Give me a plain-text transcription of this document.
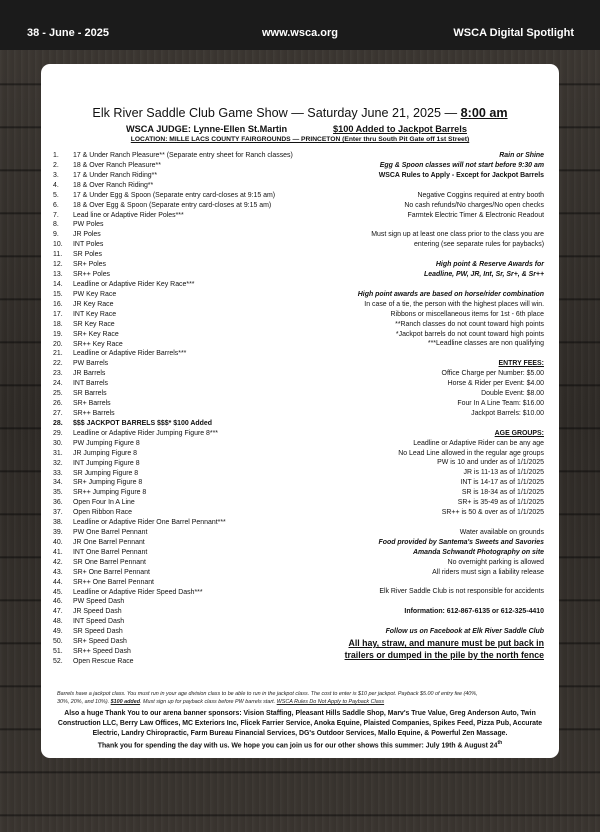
38 - June - 2025	www.wsca.org	WSCA Digital Spotlight
Elk River Saddle Club Game Show — Saturday June 21, 2025 — 8:00 am
WSCA JUDGE: Lynne-Ellen St.Martin	$100 Added to Jackpot Barrels
LOCATION: MILLE LACS COUNTY FAIRGROUNDS — PRINCETON (Enter thru South Pit Gate off 1st Street)
1. 17 & Under Ranch Pleasure** (Separate entry sheet for Ranch classes)
2. 18 & Over Ranch Pleasure**
3. 17 & Under Ranch Riding**
4. 18 & Over Ranch Riding**
5. 17 & Under Egg & Spoon (Separate entry card-closes at 9:15 am)
6. 18 & Over Egg & Spoon (Separate entry card-closes at 9:15 am)
7. Lead line or Adaptive Rider Poles***
8. PW Poles
9. JR Poles
10. INT Poles
11. SR Poles
12. SR+ Poles
13. SR++ Poles
14. Leadline or Adaptive Rider Key Race***
15. PW Key Race
16. JR Key Race
17. INT Key Race
18. SR Key Race
19. SR+ Key Race
20. SR++ Key Race
21. Leadline or Adaptive Rider Barrels***
22. PW Barrels
23. JR Barrels
24. INT Barrels
25. SR Barrels
26. SR+ Barrels
27. SR++ Barrels
28. $$$ JACKPOT BARRELS $$$* $100 Added
29. Leadline or Adaptive Rider Jumping Figure 8***
30. PW Jumping Figure 8
31. JR Jumping Figure 8
32. INT Jumping Figure 8
33. SR Jumping Figure 8
34. SR+ Jumping Figure 8
35. SR++ Jumping Figure 8
36. Open Four In A Line
37. Open Ribbon Race
38. Leadline or Adaptive Rider One Barrel Pennant***
39. PW One Barrel Pennant
40. JR One Barrel Pennant
41. INT One Barrel Pennant
42. SR One Barrel Pennant
43. SR+ One Barrel Pennant
44. SR++ One Barrel Pennant
45. Leadline or Adaptive Rider Speed Dash***
46. PW Speed Dash
47. JR Speed Dash
48. INT Speed Dash
49. SR Speed Dash
50. SR+ Speed Dash
51. SR++ Speed Dash
52. Open Rescue Race
Rain or Shine
Egg & Spoon classes will not start before 9:30 am
WSCA Rules to Apply - Except for Jackpot Barrels
Negative Coggins required at entry booth
No cash refunds/No charges/No open checks
Farmtek Electric Timer & Electronic Readout
Must sign up at least one class prior to the class you are
entering (see separate rules for paybacks)
High point & Reserve Awards for
Leadline, PW, JR, Int, Sr, Sr+, & Sr++
High point awards are based on horse/rider combination
In case of a tie, the person with the highest places will win.
Ribbons or miscellaneous items for 1st - 6th place
**Ranch classes do not count toward high points
*Jackpot barrels do not count toward high points
***Leadline classes are non qualifying
ENTRY FEES:
Office Charge per Number: $5.00
Horse & Rider per Event: $4.00
Double Event: $8.00
Four In A Line Team: $16.00
Jackpot Barrels: $10.00
AGE GROUPS:
Leadline or Adaptive Rider can be any age
No Lead Line allowed in the regular age groups
PW is 10 and under as of 1/1/2025
JR is 11-13 as of 1/1/2025
INT is 14-17 as of 1/1/2025
SR is 18-34 as of 1/1/2025
SR+ is 35-49 as of 1/1/2025
SR++ is 50 & over as of 1/1/2025
Water available on grounds
Food provided by Santema's Sweets and Savories
Amanda Schwandt Photography on site
No overnight parking is allowed
All riders must sign a liability release
Elk River Saddle Club is not responsible for accidents
Information: 612-867-6135 or 612-325-4410
Follow us on Facebook at Elk River Saddle Club
All hay, straw, and manure must be put back in
trailers or dumped in the pile by the north fence
Barrels have a jackpot class. You must run in your age division class to be able to run in the jackpot class. The cost to enter is $10 per jackpot. Payback $5.00 of entry fee (40%,
30%, 20%, and 10%). $100 added. Must sign up for payback class before PW barrels start. WSCA Rules Do Not Apply to Payback Class
Also a huge Thank You to our arena banner sponsors: Vision Staffing, Pleasant Hills Saddle Shop, Marv's True Value, Greg Anderson Auto, Twin Construction LLC, Berry Law Offices, MC Exteriors Inc, Flicek Farrier Service, Anoka Equine, Plaisted Companies, Spikes Feed, Pizza Pub, Accurate Electric, Landry Chiropractic, Farm Bureau Financial Services, DG's Outdoor Services, Mallo Equine, & Powerful Zen Massage.
Thank you for spending the day with us. We hope you can join us for our other shows this summer: July 19th & August 24th
